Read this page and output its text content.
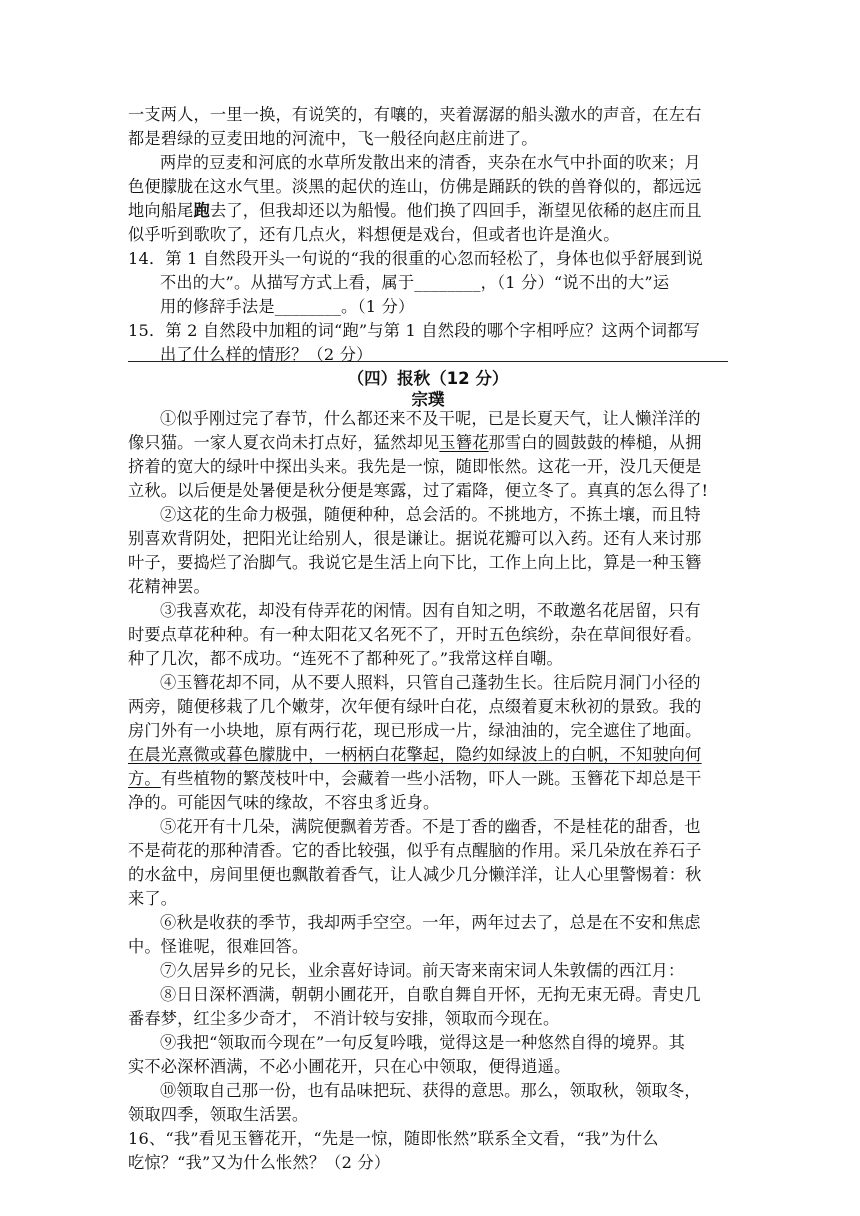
一支两人，一里一换，有说笑的，有嚷的，夹着潺潺的船头激水的声音，在左右
都是碧绿的豆麦田地的河流中，飞一般径向赵庄前进了。
两岸的豆麦和河底的水草所发散出来的清香，夹杂在水气中扑面的吹来；月
色便朦胧在这水气里。淡黑的起伏的连山，仿佛是踊跃的铁的兽脊似的，都远远
地向船尾跑去了，但我却还以为船慢。他们换了四回手，渐望见依稀的赵庄而且
似乎听到歌吹了，还有几点火，料想便是戏台，但或者也许是渔火。
14．第 1 自然段开头一句说的“我的很重的心忽而轻松了，身体也似乎舒展到说
不出的大”。从描写方式上看，属于________，（1 分）“说不出的大”运
用的修辞手法是________。（1 分）
15．第 2 自然段中加粗的词“跑”与第 1 自然段的哪个字相呼应？这两个词都写
出了什么样的情形？（2 分）
（四）报秋（12 分）
宗璞
①似乎刚过完了春节，什么都还来不及干呢，已是长夏天气，让人懒洋洋的
像只猫。一家人夏衣尚未打点好，猛然却见玉簪花那雪白的圆鼓鼓的棒槌，从拥
挤着的宽大的绿叶中探出头来。我先是一惊，随即怅然。这花一开，没几天便是
立秋。以后便是处暑便是秋分便是寒露，过了霜降，便立冬了。真真的怎么得了!
②这花的生命力极强，随便种种，总会活的。不挑地方，不拣土壤，而且特
别喜欢背阴处，把阳光让给别人，很是谦让。据说花瓣可以入药。还有人来讨那
叶子，要捣烂了治脚气。我说它是生活上向下比，工作上向上比，算是一种玉簪
花精神罢。
③我喜欢花，却没有侍弄花的闲情。因有自知之明，不敢邀名花居留，只有
时要点草花种种。有一种太阳花又名死不了，开时五色缤纷，杂在草间很好看。
种了几次，都不成功。“连死不了都种死了。”我常这样自嘲。
④玉簪花却不同，从不要人照料，只管自己蓬勃生长。往后院月洞门小径的
两旁，随便移栽了几个嫩芽，次年便有绿叶白花，点缀着夏末秋初的景致。我的
房门外有一小块地，原有两行花，现已形成一片，绿油油的，完全遮住了地面。
在晨光熹微或暮色朦胧中，一柄柄白花擎起，隐约如绿波上的白帆，不知驶向何
方。有些植物的繁茂枝叶中，会藏着一些小活物，吓人一跳。玉簪花下却总是干
净的。可能因气味的缘故，不容虫豸近身。
⑤花开有十几朵，满院便飘着芳香。不是丁香的幽香，不是桂花的甜香，也
不是荷花的那种清香。它的香比较强，似乎有点醒脑的作用。采几朵放在养石子
的水盆中，房间里便也飘散着香气，让人减少几分懒洋洋，让人心里警惕着：秋
来了。
⑥秋是收获的季节，我却两手空空。一年，两年过去了，总是在不安和焦虑
中。怪谁呢，很难回答。
⑦久居异乡的兄长，业余喜好诗词。前天寄来南宋词人朱敦儒的西江月：
⑧日日深杯酒满，朝朝小圃花开，自歌自舞自开怀，无拘无束无碍。青史几
番春梦，红尘多少奇才， 不消计较与安排，领取而今现在。
⑨我把“领取而今现在”一句反复吟哦，觉得这是一种悠然自得的境界。其
实不必深杯酒满，不必小圃花开，只在心中领取，便得逍遥。
⑩领取自己那一份，也有品味把玩、获得的意思。那么，领取秋，领取冬，
领取四季，领取生活罢。
16、“我”看见玉簪花开，“先是一惊，随即怅然”联系全文看，“我”为什么
吃惊？“我”又为什么怅然？（2 分）
